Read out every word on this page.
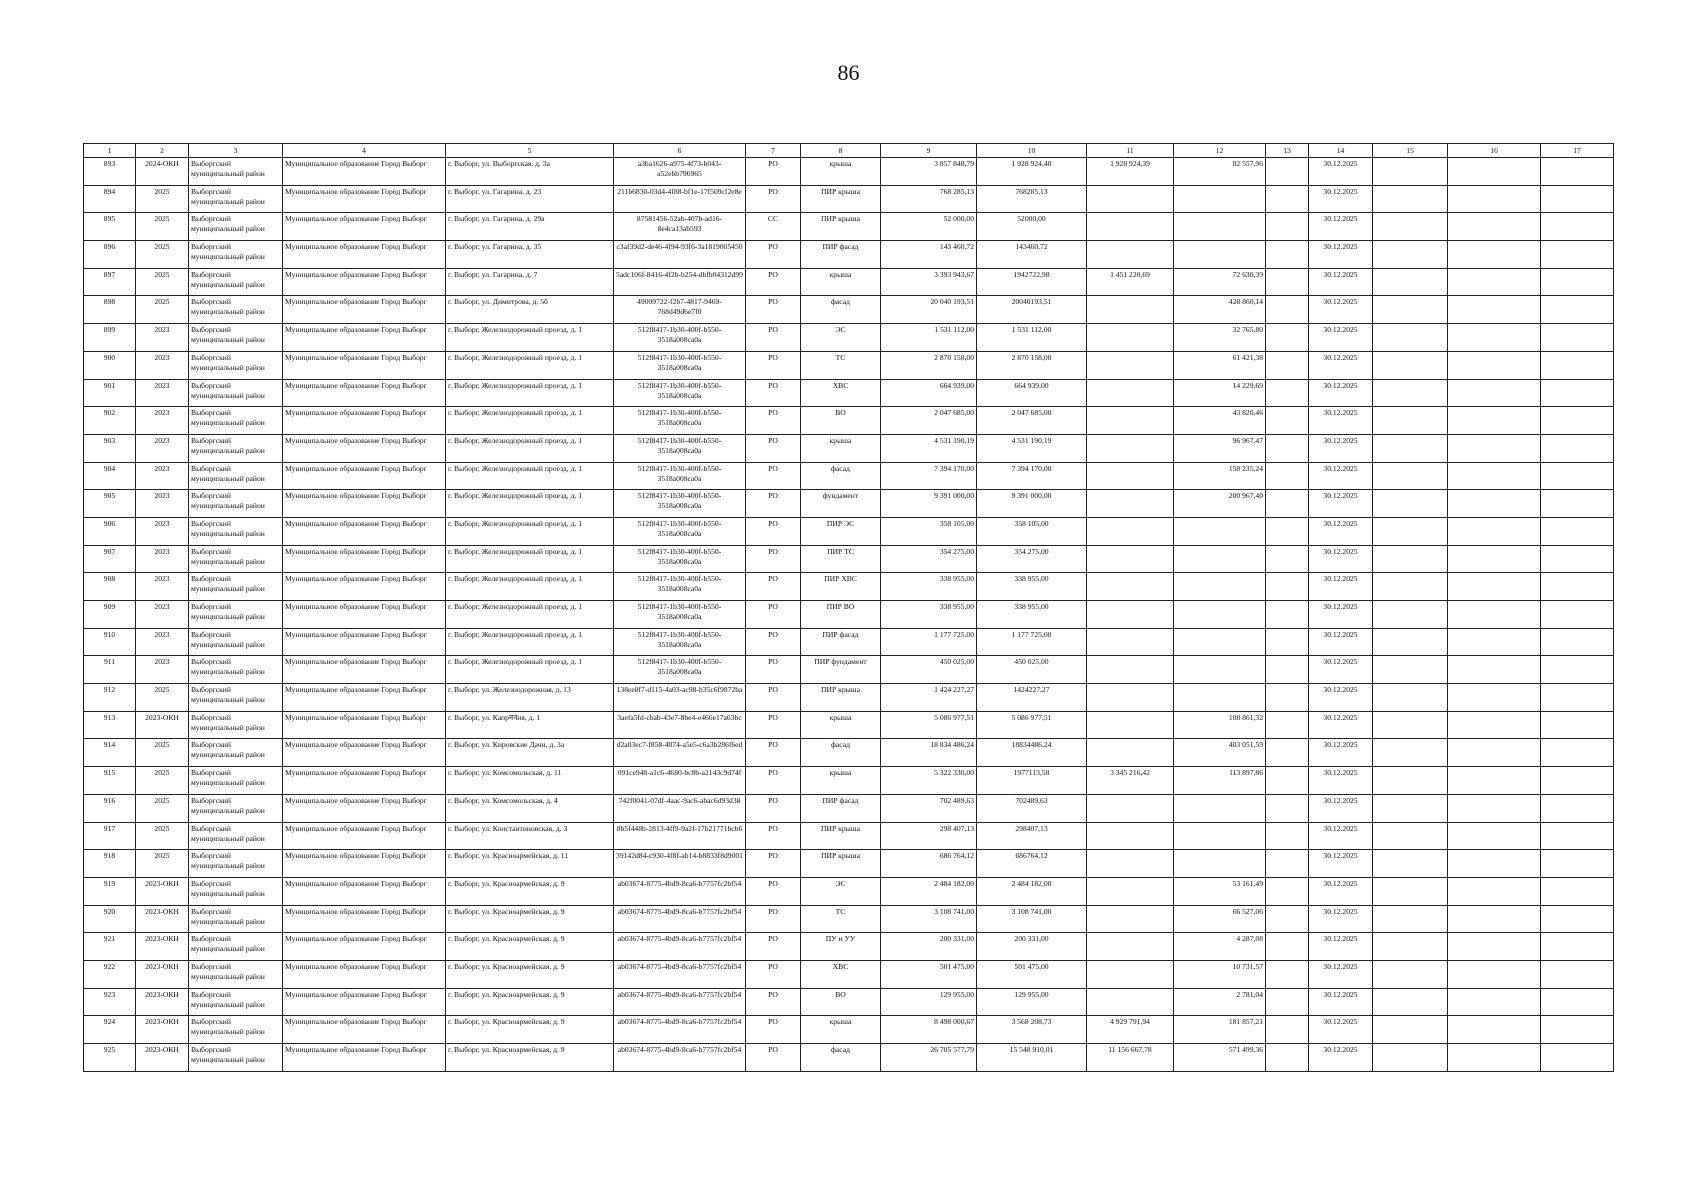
86
1	2	3	4	5	6	7	8	9	10	11	12	13	14	15	16	17
893	2024-ОКН	Выборгский муниципальный район	Муниципальное образование Город Выборг	г. Выборг, ул. Выборгская, д. 3а	a3ba1626-a975-4f73-b043-a52ebb796965	РО	крыша	3 857 848,79	1 928 924,40	1 928 924,39	82 557,96		30.12.2025			
894	2025	Выборгский муниципальный район	Муниципальное образование Город Выборг	г. Выборг, ул. Гагарина, д. 23	211b6830-03d4-4f88-bf1e-17f509cf2e8e	РО	ПИР крыша	768 285,13	768285,13				30.12.2025			
895	2025	Выборгский муниципальный район	Муниципальное образование Город Выборг	г. Выборг, ул. Гагарина, д. 29а	87581456-52ab-407b-ad16-8e4ca13ab593	СС	ПИР крыша	52 000,00	52000,00				30.12.2025			
896	2025	Выборгский муниципальный район	Муниципальное образование Город Выборг	г. Выборг, ул. Гагарина, д. 35	c3af39d2-de46-4f94-93f6-3a1819005450	РО	ПИР фасад	143 460,72	143460,72				30.12.2025			
897	2025	Выборгский муниципальный район	Муниципальное образование Город Выборг	г. Выборг, ул. Гагарина, д. 7	5adc106f-8416-4f2b-b254-dbfb04312d99	РО	крыша	3 393 943,67	1942722,98	1 451 220,69	72 630,39		30.12.2025			
898	2025	Выборгский муниципальный район	Муниципальное образование Город Выборг	г. Выборг, ул. Димитрова, д. 5б	49009722-f2b7-4817-9469-768d49d6e7f0	РО	фасад	20 040 193,51	20040193,51		428 860,14		30.12.2025			
899	2023	Выборгский муниципальный район	Муниципальное образование Город Выборг	г. Выборг, Железнодорожный проезд, д. 1	512f8417-1b30-400f-b550-3518a008ca0a	РО	ЭС	1 531 112,00	1 531 112,00		32 765,80		30.12.2025			
900	2023	Выборгский муниципальный район	Муниципальное образование Город Выборг	г. Выборг, Железнодорожный проезд, д. 1	512f8417-1b30-400f-b550-3518a008ca0a	РО	ТС	2 870 158,00	2 870 158,00		61 421,38		30.12.2025			
901	2023	Выборгский муниципальный район	Муниципальное образование Город Выборг	г. Выборг, Железнодорожный проезд, д. 1	512f8417-1b30-400f-b550-3518a008ca0a	РО	ХВС	664 939,00	664 939,00		14 229,69		30.12.2025			
902	2023	Выборгский муниципальный район	Муниципальное образование Город Выборг	г. Выборг, Железнодорожный проезд, д. 1	512f8417-1b30-400f-b550-3518a008ca0a	РО	ВО	2 047 685,00	2 047 685,00		43 820,46		30.12.2025			
903	2023	Выборгский муниципальный район	Муниципальное образование Город Выборг	г. Выборг, Железнодорожный проезд, д. 1	512f8417-1b30-400f-b550-3518a008ca0a	РО	крыша	4 531 190,19	4 531 190,19		96 967,47		30.12.2025			
904	2023	Выборгский муниципальный район	Муниципальное образование Город Выборг	г. Выборг, Железнодорожный проезд, д. 1	512f8417-1b30-400f-b550-3518a008ca0a	РО	фасад	7 394 170,00	7 394 170,00		158 235,24		30.12.2025			
905	2023	Выборгский муниципальный район	Муниципальное образование Город Выборг	г. Выборг, Железнодорожный проезд, д. 1	512f8417-1b30-400f-b550-3518a008ca0a	РО	фундамент	9 391 000,00	9 391 000,00		200 967,40		30.12.2025			
906	2023	Выборгский муниципальный район	Муниципальное образование Город Выборг	г. Выборг, Железнодорожный проезд, д. 1	512f8417-1b30-400f-b550-3518a008ca0a	РО	ПИР ЭС	358 105,00	358 105,00				30.12.2025			
907	2023	Выборгский муниципальный район	Муниципальное образование Город Выборг	г. Выборг, Железнодорожный проезд, д. 1	512f8417-1b30-400f-b550-3518a008ca0a	РО	ПИР ТС	354 275,00	354 275,00				30.12.2025			
908	2023	Выборгский муниципальный район	Муниципальное образование Город Выборг	г. Выборг, Железнодорожный проезд, д. 1	512f8417-1b30-400f-b550-3518a008ca0a	РО	ПИР ХВС	338 955,00	338 955,00				30.12.2025			
909	2023	Выборгский муниципальный район	Муниципальное образование Город Выборг	г. Выборг, Железнодорожный проезд, д. 1	512f8417-1b30-400f-b550-3518a008ca0a	РО	ПИР ВО	338 955,00	338 955,00				30.12.2025			
910	2023	Выборгский муниципальный район	Муниципальное образование Город Выборг	г. Выборг, Железнодорожный проезд, д. 1	512f8417-1b30-400f-b550-3518a008ca0a	РО	ПИР фасад	1 177 725,00	1 177 725,00				30.12.2025			
911	2023	Выборгский муниципальный район	Муниципальное образование Город Выборг	г. Выборг, Железнодорожный проезд, д. 1	512f8417-1b30-400f-b550-3518a008ca0a	РО	ПИР фундамент	450 025,00	450 025,00				30.12.2025			
912	2025	Выборгский муниципальный район	Муниципальное образование Город Выборг	г. Выборг, ул. Железнодорожная, д. 13	138ee8f7-d115-4a03-ac98-b35c6f9872ba	РО	ПИР крыша	1 424 227,27	1424227,27				30.12.2025			
913	2023-ОКН	Выборгский муниципальный район	Муниципальное образование Город Выборг	г. Выборг, ул. Капрननия, д. 1	3aefa5fd-cbab-43e7-8be4-e466e17a63bc	РО	крыша	5 086 977,51	5 086 977,51		108 861,32		30.12.2025			
914	2025	Выборгский муниципальный район	Муниципальное образование Город Выборг	г. Выборг, ул. Кировские Дачи, д. 3а	d2a03ec7-f858-4074-a5e5-c6a3b286f6ed	РО	фасад	18 834 486,24	18834486,24		403 051,59		30.12.2025			
915	2025	Выборгский муниципальный район	Муниципальное образование Город Выборг	г. Выборг, ул. Комсомольская, д. 11	091ce948-a1c6-4680-bc8b-a2143c9d74f	РО	крыша	5 322 330,00	1977113,58	3 345 216,42	113 897,86		30.12.2025			
916	2025	Выборгский муниципальный район	Муниципальное образование Город Выборг	г. Выборг, ул. Комсомольская, д. 4	742f0041-07df-4aac-9ac6-abac6d93d38	РО	ПИР фасад	702 489,63	702489,63				30.12.2025			
917	2025	Выборгский муниципальный район	Муниципальное образование Город Выборг	г. Выборг, ул. Константиновская, д. 3	8b5f448b-2813-4ff9-9a2f-17b21771bcb6	РО	ПИР крыша	298 407,13	298407,13				30.12.2025			
918	2025	Выборгский муниципальный район	Муниципальное образование Город Выборг	г. Выборг, ул. Красноармейская, д. 11	39142d84-c930-4f8f-ab14-b8833f8d9001	РО	ПИР крыша	686 764,12	686764,12				30.12.2025			
919	2023-ОКН	Выборгский муниципальный район	Муниципальное образование Город Выборг	г. Выборг, ул. Красноармейская, д. 9	ab03674-8775-4bd9-8ca6-b7757fc2bf54	РО	ЭС	2 484 182,00	2 484 182,00		53 161,49		30.12.2025			
920	2023-ОКН	Выборгский муниципальный район	Муниципальное образование Город Выборг	г. Выборг, ул. Красноармейская, д. 9	ab03674-8775-4bd9-8ca6-b7757fc2bf54	РО	ТС	3 108 741,00	3 108 741,00		66 527,06		30.12.2025			
921	2023-ОКН	Выборгский муниципальный район	Муниципальное образование Город Выборг	г. Выборг, ул. Красноармейская, д. 9	ab03674-8775-4bd9-8ca6-b7757fc2bf54	РО	ПУ и УУ	200 331,00	200 331,00		4 287,08		30.12.2025			
922	2023-ОКН	Выборгский муниципальный район	Муниципальное образование Город Выборг	г. Выборг, ул. Красноармейская, д. 9	ab03674-8775-4bd9-8ca6-b7757fc2bf54	РО	ХВС	501 475,00	501 475,00		10 731,57		30.12.2025			
923	2023-ОКН	Выборгский муниципальный район	Муниципальное образование Город Выборг	г. Выборг, ул. Красноармейская, д. 9	ab03674-8775-4bd9-8ca6-b7757fc2bf54	РО	ВО	129 955,00	129 955,00		2 781,04		30.12.2025			
924	2023-ОКН	Выборгский муниципальный район	Муниципальное образование Город Выборг	г. Выборг, ул. Красноармейская, д. 9	ab03674-8775-4bd9-8ca6-b7757fc2bf54	РО	крыша	8 498 000,67	3 568 208,73	4 929 791,94	181 857,21		30.12.2025			
925	2023-ОКН	Выборгский муниципальный район	Муниципальное образование Город Выборг	г. Выборг, ул. Красноармейская, д. 9	ab03674-8775-4bd9-8ca6-b7757fc2bf54	РО	фасад	26 705 577,79	15 548 910,01	11 156 667,78	571 499,36		30.12.2025			
